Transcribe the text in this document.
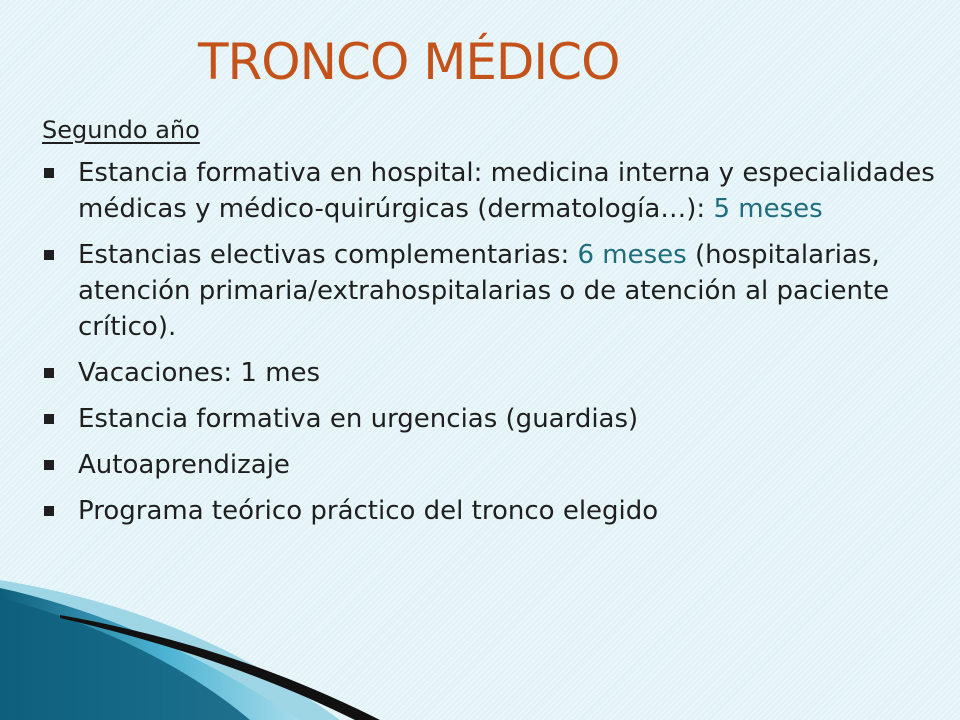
TRONCO MÉDICO
Segundo año
Estancia formativa en hospital: medicina interna y especialidades médicas y médico-quirúrgicas (dermatología…): 5 meses
Estancias electivas complementarias: 6 meses (hospitalarias, atención primaria/extrahospitalarias o de atención al paciente crítico).
Vacaciones: 1 mes
Estancia formativa en urgencias (guardias)
Autoaprendizaje
Programa teórico práctico del tronco elegido
